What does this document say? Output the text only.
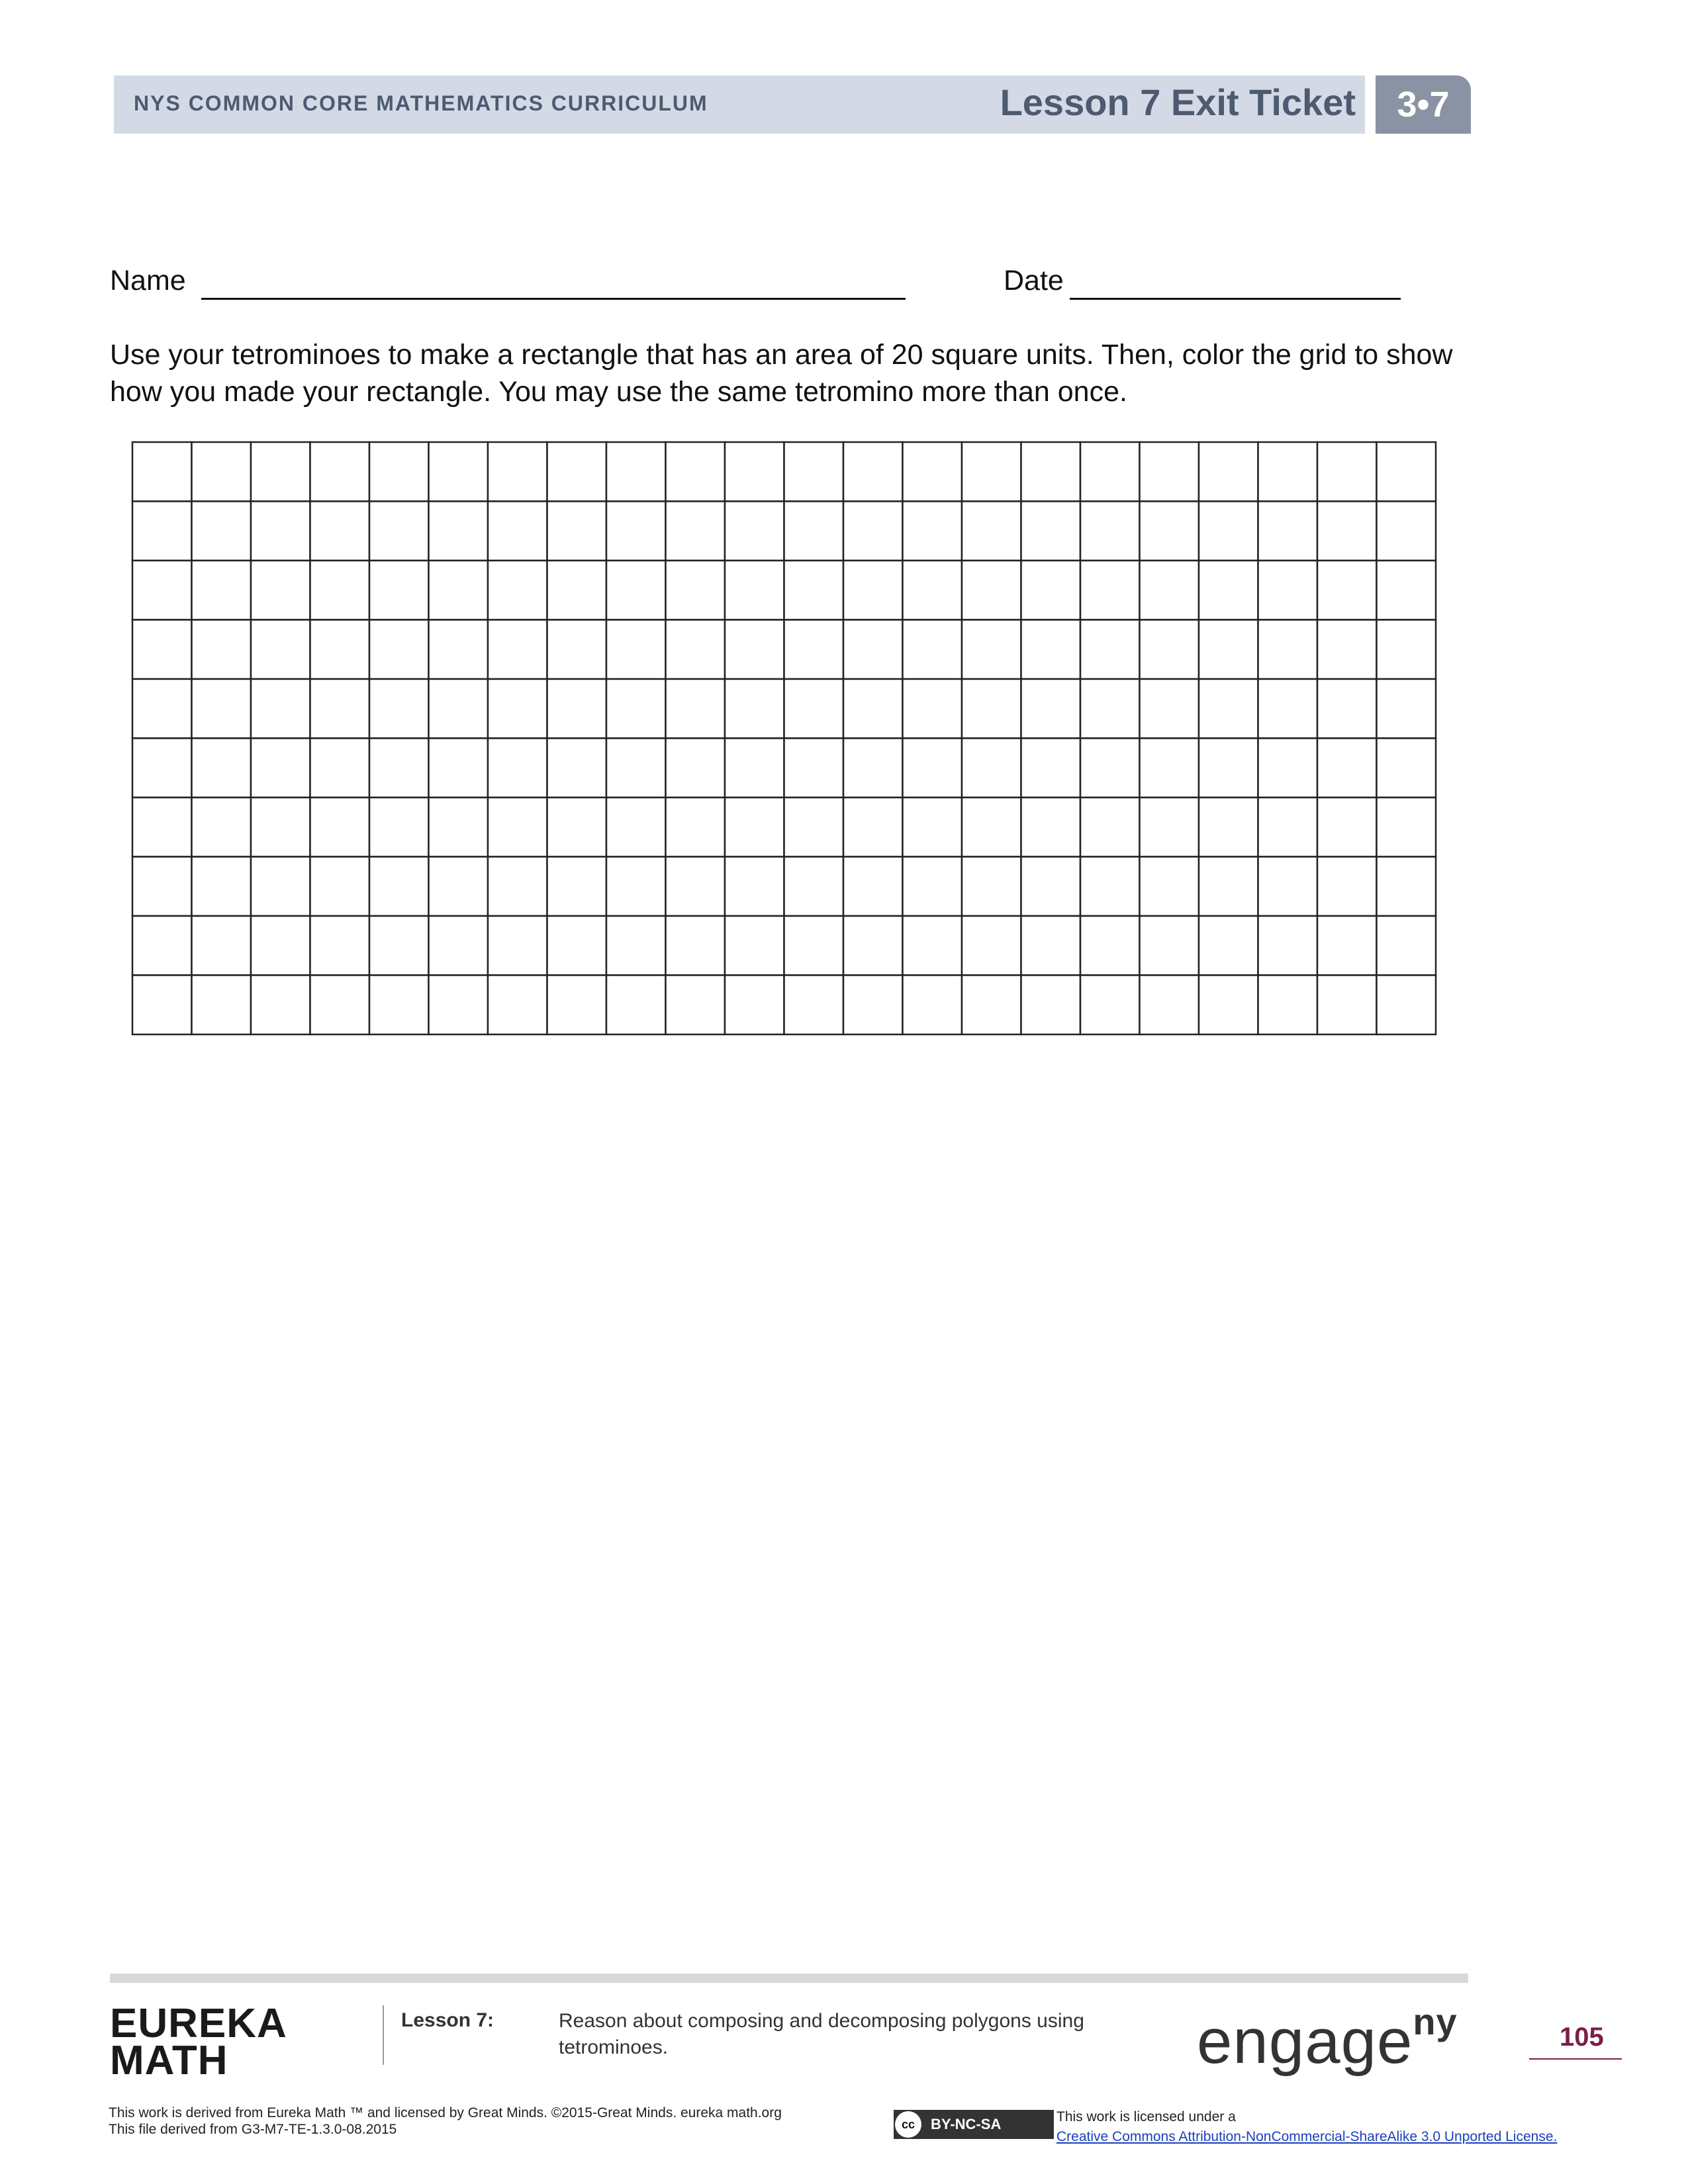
NYS COMMON CORE MATHEMATICS CURRICULUM	Lesson 7 Exit Ticket	3•7
Name	Date
Use your tetrominoes to make a rectangle that has an area of 20 square units. Then, color the grid to show
how you made your rectangle. You may use the same tetromino more than once.
EUREKA
MATH
Lesson 7:	Reason about composing and decomposing polygons using tetrominoes.	engage$^{ny}$	105
This work is derived from Eureka Math ™ and licensed by Great Minds. ©2015-Great Minds. eureka math.org
This file derived from G3-M7-TE-1.3.0-08.2015	cc	BY-NC-SA	This work is licensed under a
Creative Commons Attribution-NonCommercial-ShareAlike 3.0 Unported License.
